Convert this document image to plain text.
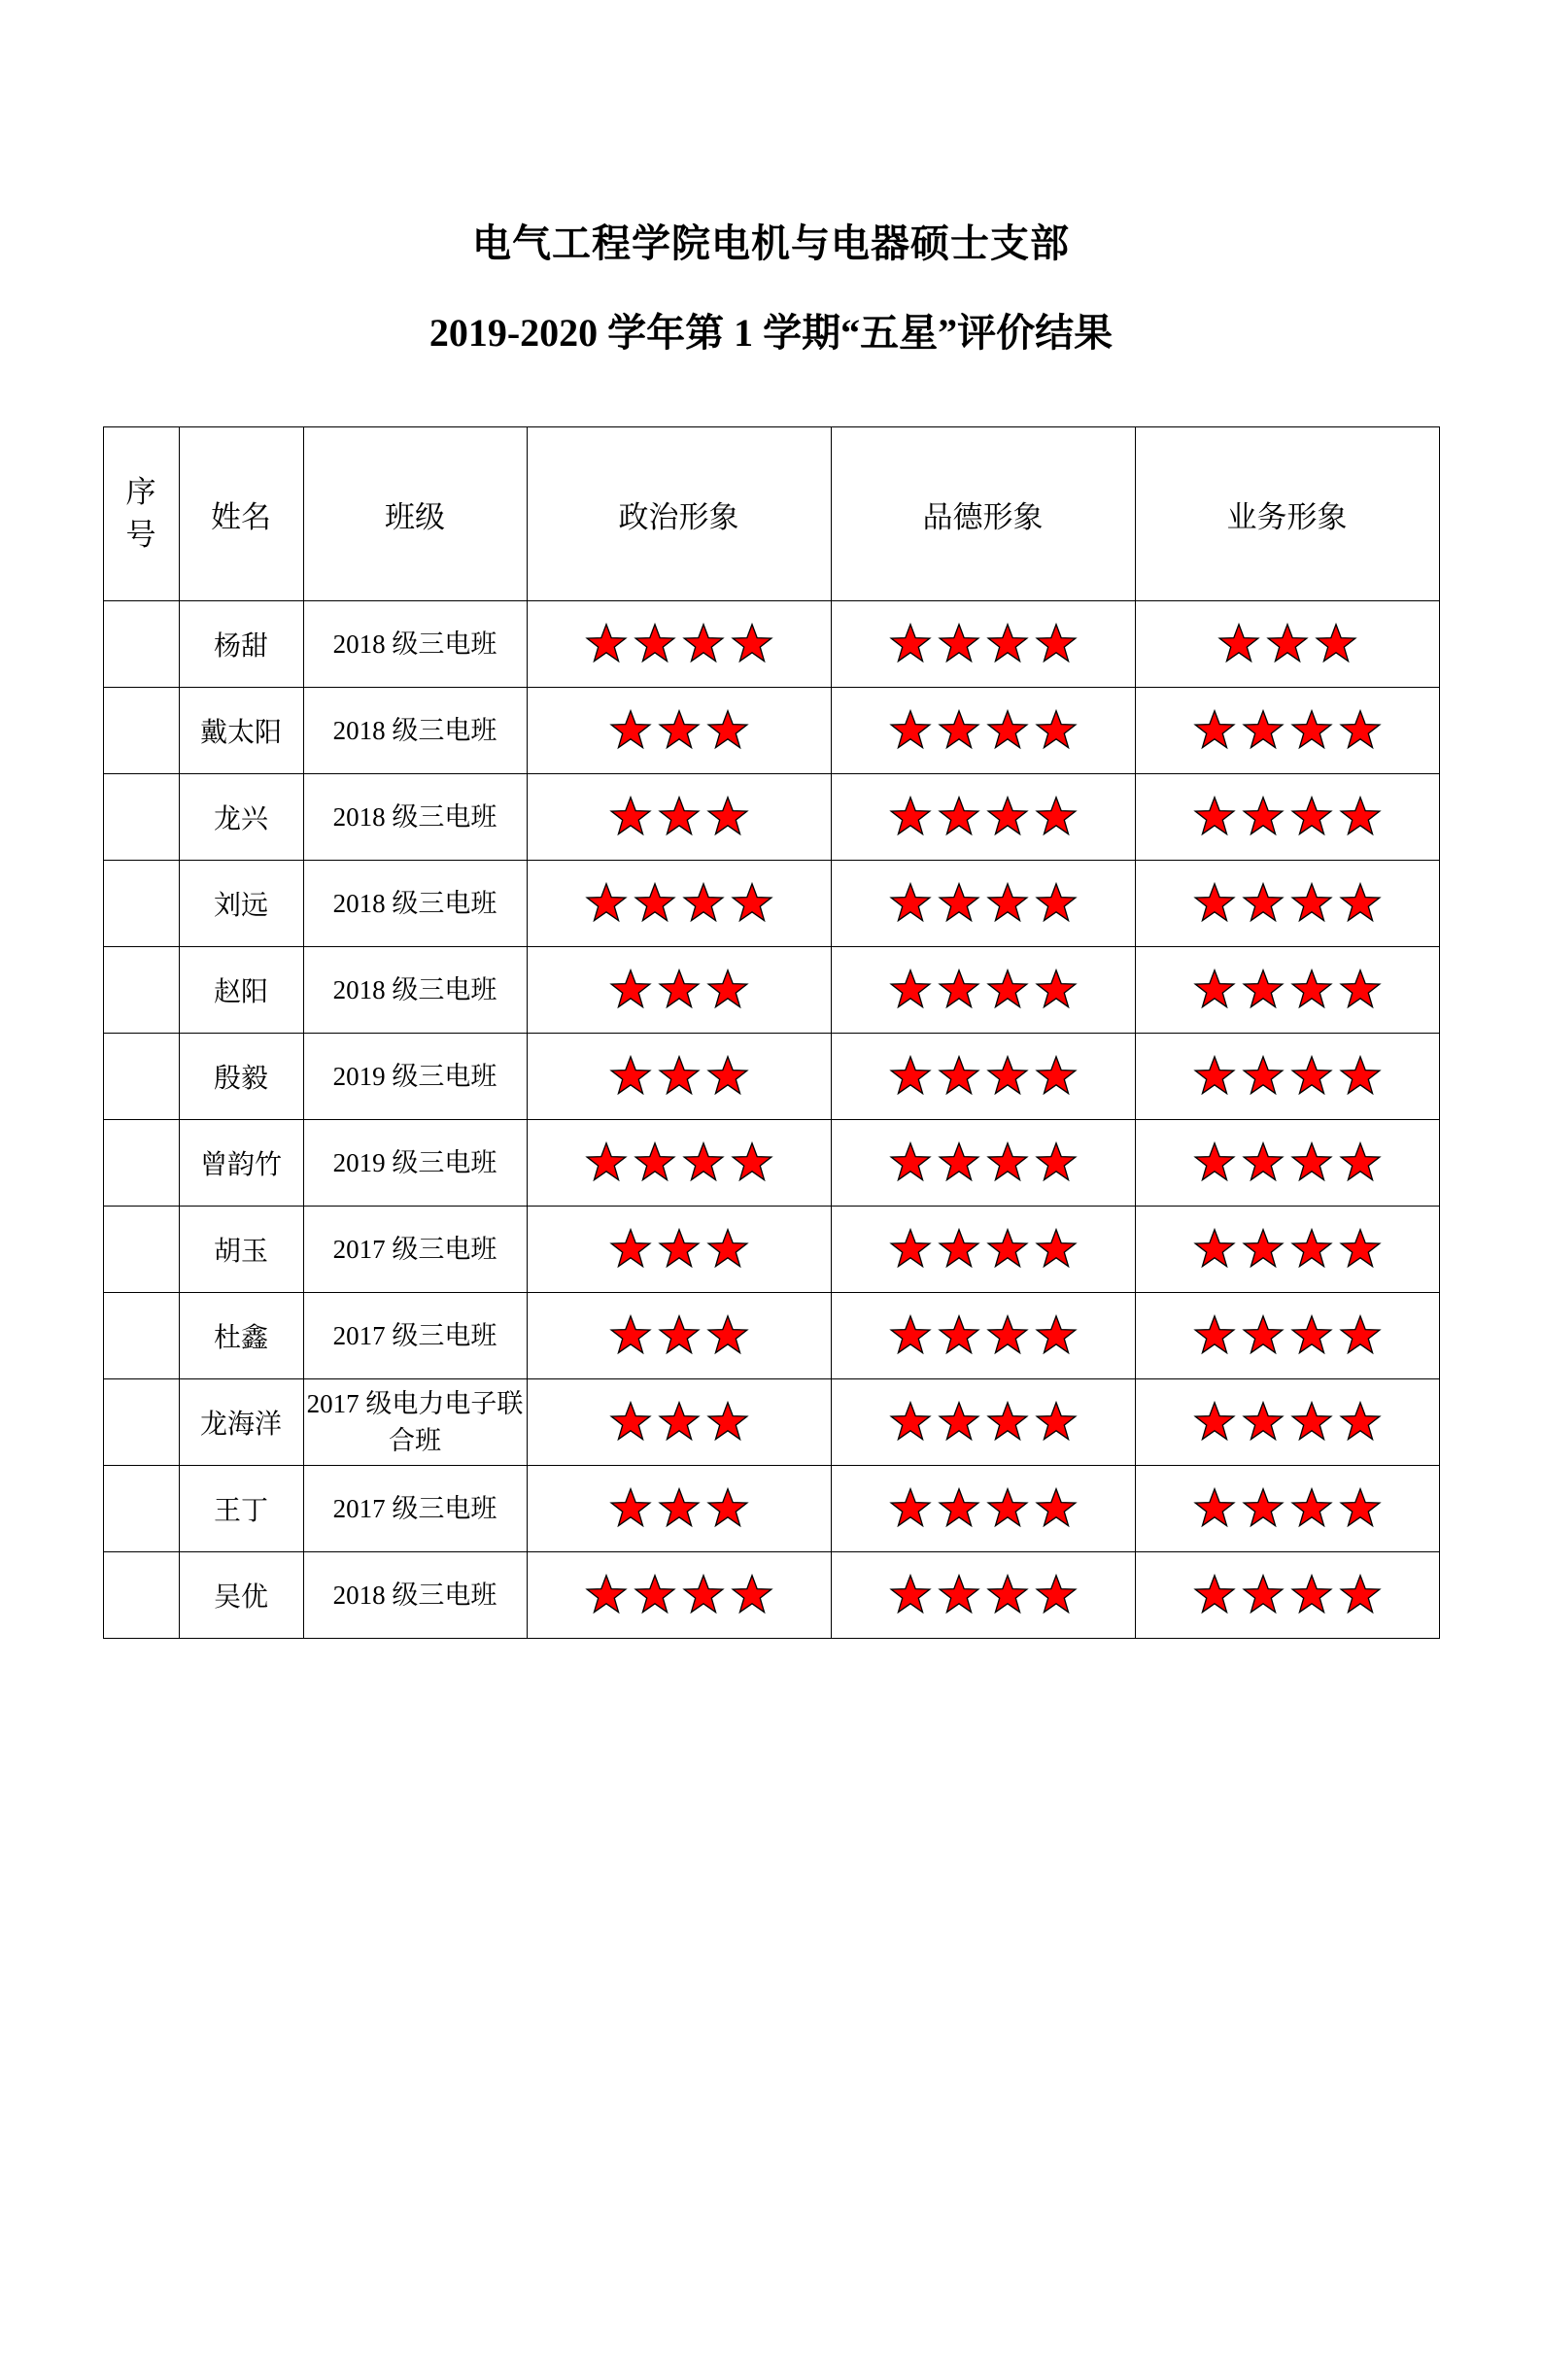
电气工程学院电机与电器硕士支部
2019-2020 学年第 1 学期“五星”评价结果
序
号	姓名	班级	政治形象	品德形象	业务形象
	杨甜	2018 级三电班	

	戴太阳	2018 级三电班	

	龙兴	2018 级三电班	

	刘远	2018 级三电班	

	赵阳	2018 级三电班	

	殷毅	2019 级三电班	

	曾韵竹	2019 级三电班	

	胡玉	2017 级三电班	

	杜鑫	2017 级三电班	

	龙海洋	2017 级电力电子联合班	

	王丁	2017 级三电班	

	吴优	2018 级三电班	
